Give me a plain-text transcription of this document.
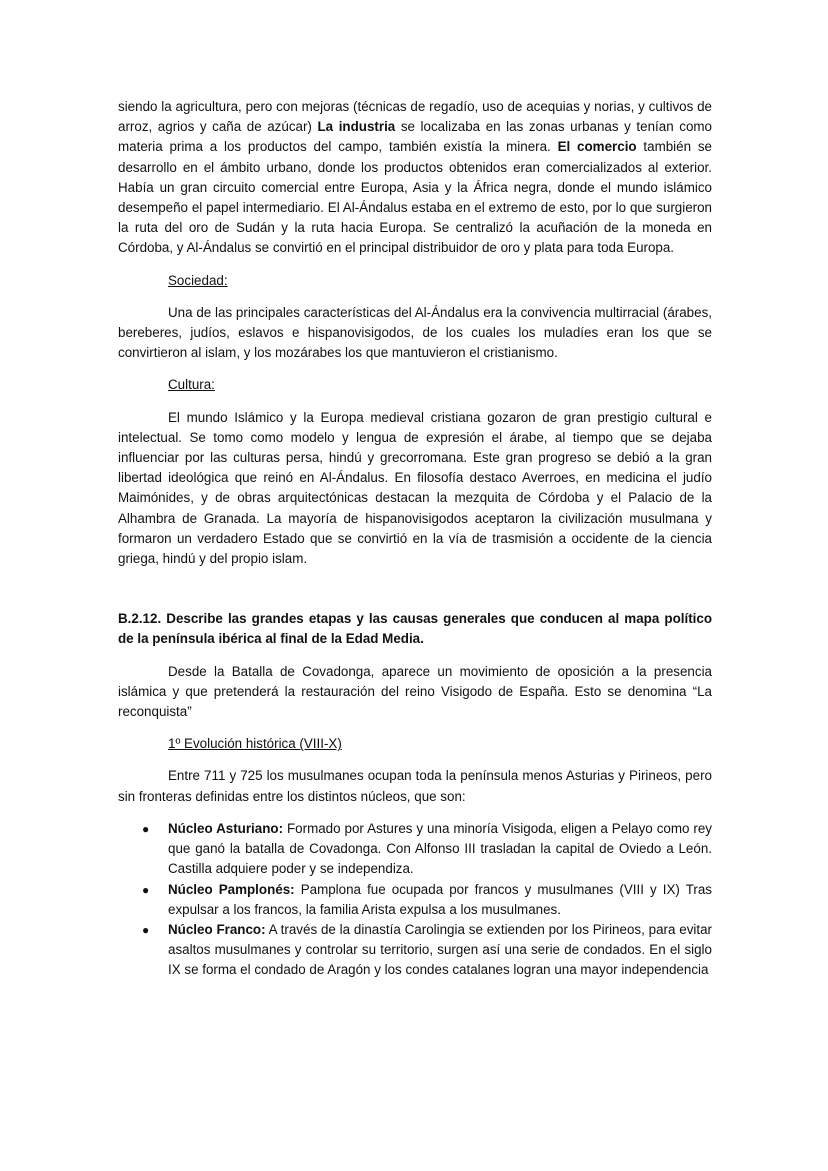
siendo la agricultura, pero con mejoras (técnicas de regadío, uso de acequias y norias, y cultivos de arroz, agrios y caña de azúcar) La industria se localizaba en las zonas urbanas y tenían como materia prima a los productos del campo, también existía la minera. El comercio también se desarrollo en el ámbito urbano, donde los productos obtenidos eran comercializados al exterior. Había un gran circuito comercial entre Europa, Asia y la África negra, donde el mundo islámico desempeño el papel intermediario. El Al-Ándalus estaba en el extremo de esto, por lo que surgieron la ruta del oro de Sudán y la ruta hacia Europa. Se centralizó la acuñación de la moneda en Córdoba, y Al-Ándalus se convirtió en el principal distribuidor de oro y plata para toda Europa.

Sociedad:

Una de las principales características del Al-Ándalus era la convivencia multirracial (árabes, bereberes, judíos, eslavos e hispanovisigodos, de los cuales los muladíes eran los que se convirtieron al islam, y los mozárabes los que mantuvieron el cristianismo.

Cultura:

El mundo Islámico y la Europa medieval cristiana gozaron de gran prestigio cultural e intelectual. Se tomo como modelo y lengua de expresión el árabe, al tiempo que se dejaba influenciar por las culturas persa, hindú y grecorromana. Este gran progreso se debió a la gran libertad ideológica que reinó en Al-Ándalus. En filosofía destaco Averroes, en medicina el judío Maimónides, y de obras arquitectónicas destacan la mezquita de Córdoba y el Palacio de la Alhambra de Granada. La mayoría de hispanovisigodos aceptaron la civilización musulmana y formaron un verdadero Estado que se convirtió en la vía de trasmisión a occidente de la ciencia griega, hindú y del propio islam.

B.2.12. Describe las grandes etapas y las causas generales que conducen al mapa político de la península ibérica al final de la Edad Media.

Desde la Batalla de Covadonga, aparece un movimiento de oposición a la presencia islámica y que pretenderá la restauración del reino Visigodo de España. Esto se denomina “La reconquista”

1º Evolución histórica (VIII-X)

Entre 711 y 725 los musulmanes ocupan toda la península menos Asturias y Pirineos, pero sin fronteras definidas entre los distintos núcleos, que son:

● Núcleo Asturiano: Formado por Astures y una minoría Visigoda, eligen a Pelayo como rey que ganó la batalla de Covadonga. Con Alfonso III trasladan la capital de Oviedo a León. Castilla adquiere poder y se independiza.
● Núcleo Pamplonés: Pamplona fue ocupada por francos y musulmanes (VIII y IX) Tras expulsar a los francos, la familia Arista expulsa a los musulmanes.
● Núcleo Franco: A través de la dinastía Carolingia se extienden por los Pirineos, para evitar asaltos musulmanes y controlar su territorio, surgen así una serie de condados. En el siglo IX se forma el condado de Aragón y los condes catalanes logran una mayor independencia
